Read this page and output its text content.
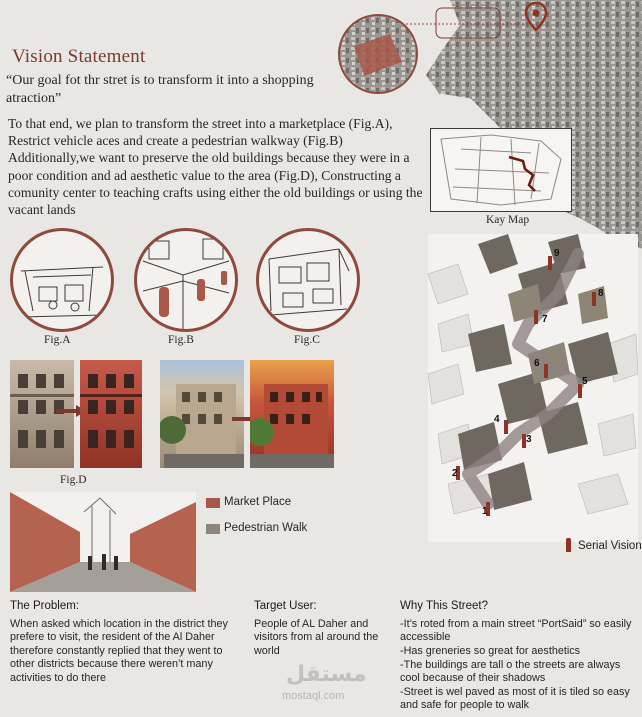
Kay Map
Vision Statement
“Our goal fot thr stret is to transform it into a shopping atraction”
To that end, we plan to transform the street into a marketplace (Fig.A), Restrict vehicle aces and create a pedestrian walkway (Fig.B) Additionally,we want to preserve the old buildings because they were in a poor condition and ad aesthetic value to the area (Fig.D), Constructing a comunity center to teaching crafts using either the old buildings or using the vacant lands
Fig.A	Fig.B	Fig.C
Fig.D
Market Place
Pedestrian Walk
1
2
3
4
5
6
7
8
9
Serial Vision
The Problem:
When asked which location in the district they prefere to visit, the resident of the Al Daher therefore constantly replied that they went to other districts because there weren’t many activities to do there
Target User:
People of AL Daher and visitors from al around the world
Why This Street?
-It’s roted from a main street “PortSaid” so easily accessible
-Has greneries so great for aesthetics
-The buildings are tall o the streets are always cool because of their shadows
-Street is wel paved as most of it is tiled so easy and safe for people to walk
مستقل
mostaql.com
